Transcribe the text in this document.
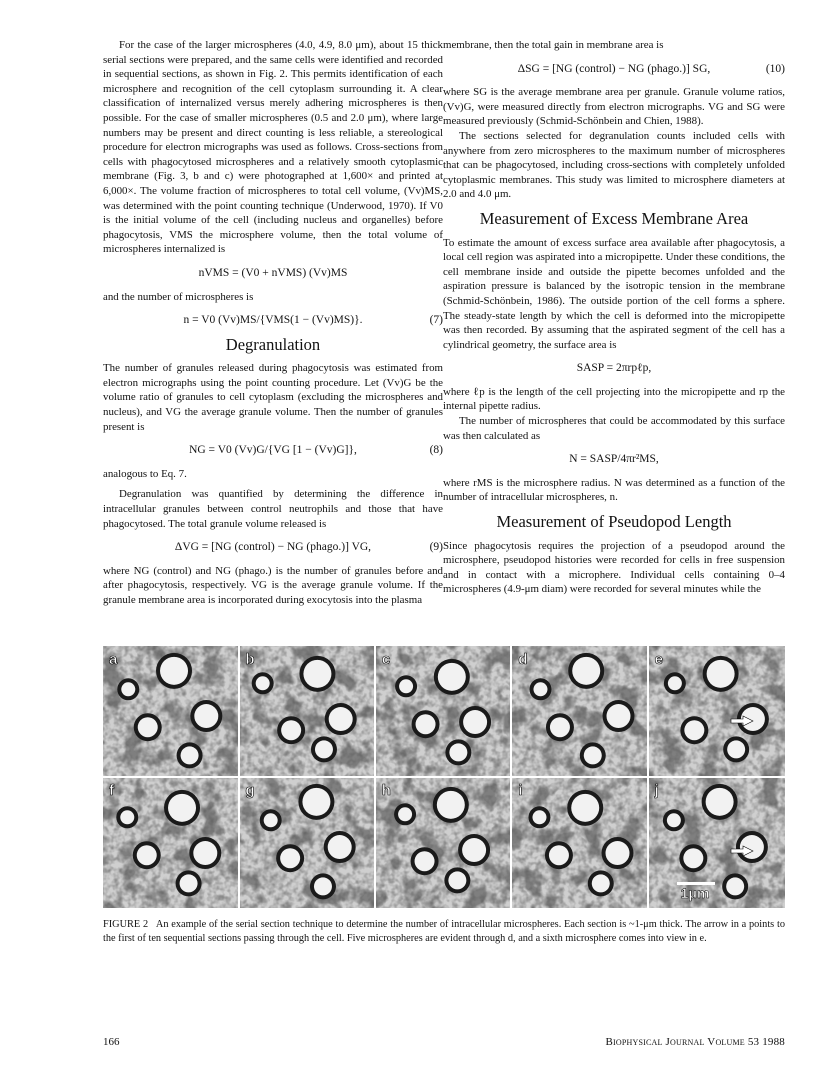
For the case of the larger microspheres (4.0, 4.9, 8.0 μm), about 15 thick serial sections were prepared, and the same cells were identified and recorded in sequential sections, as shown in Fig. 2. This permits identification of each microsphere and recognition of the cell cytoplasm surrounding it. A clear classification of internalized versus merely adhering microspheres is then possible. For the case of smaller microspheres (0.5 and 2.0 μm), where large numbers may be present and direct counting is less reliable, a stereological procedure for electron micrographs was used as follows. Cross-sections from cells with phagocytosed microspheres and a relatively smooth cytoplasmic membrane (Fig. 3, b and c) were photographed at 1,600× and printed at 6,000×. The volume fraction of microspheres to total cell volume, (Vv)MS, was determined with the point counting technique (Underwood, 1970). If V0 is the initial volume of the cell (including nucleus and organelles) before phagocytosis, VMS the microsphere volume, then the total volume of microspheres internalized is

nVMS = (V0 + nVMS) (Vv)MS

and the number of microspheres is

n = V0 (Vv)MS/{VMS(1 − (Vv)MS)}.	(7)
Degranulation

The number of granules released during phagocytosis was estimated from electron micrographs using the point counting procedure. Let (Vv)G be the volume ratio of granules to cell cytoplasm (excluding the microspheres and nucleus), and VG the average granule volume. Then the number of granules present is

NG = V0 (Vv)G/{VG [1 − (Vv)G]},	(8)

analogous to Eq. 7.

Degranulation was quantified by determining the difference in intracellular granules between control neutrophils and those that have phagocytosed. The total granule volume released is

ΔVG = [NG (control) − NG (phago.)] VG,	(9)

where NG (control) and NG (phago.) is the number of granules before and after phagocytosis, respectively. VG is the average granule volume. If the granule membrane area is incorporated during exocytosis into the plasma

membrane, then the total gain in membrane area is

ΔSG = [NG (control) − NG (phago.)] SG,	(10)

where SG is the average membrane area per granule. Granule volume ratios, (Vv)G, were measured directly from electron micrographs. VG and SG were measured previously (Schmid-Schönbein and Chien, 1988).

The sections selected for degranulation counts included cells with anywhere from zero microspheres to the maximum number of microspheres that can be phagocytosed, including cross-sections with completely unfolded cytoplasmic membranes. This study was limited to microsphere diameters at 2.0 and 4.0 μm.

Measurement of Excess Membrane Area

To estimate the amount of excess surface area available after phagocytosis, a local cell region was aspirated into a micropipette. Under these conditions, the cell membrane inside and outside the pipette becomes unfolded and the aspiration pressure is balanced by the isotropic tension in the membrane (Schmid-Schönbein, 1986). The outside portion of the cell forms a sphere. The steady-state length by which the cell is deformed into the micropipette was then recorded. By assuming that the aspirated segment of the cell has a cylindrical geometry, the surface area is

SASP = 2πrpℓp,

where ℓp is the length of the cell projecting into the micropipette and rp the internal pipette radius.

The number of microspheres that could be accommodated by this surface was then calculated as

N = SASP/4πr²MS,

where rMS is the microsphere radius. N was determined as a function of the number of intracellular microspheres, n.

Measurement of Pseudopod Length

Since phagocytosis requires the projection of a pseudopod around the microsphere, pseudopod histories were recorded for cells in free suspension and in contact with a microphere. Individual cells containing 0–4 microspheres (4.9-μm diam) were recorded for several minutes while the

a	b	c	d	e
f	g	h	i	j
1μm
FIGURE 2 An example of the serial section technique to determine the number of intracellular microspheres. Each section is ~1-μm thick. The arrow in a points to the first of ten sequential sections passing through the cell. Five microspheres are evident through d, and a sixth microsphere comes into view in e.
166	Biophysical Journal Volume 53 1988
